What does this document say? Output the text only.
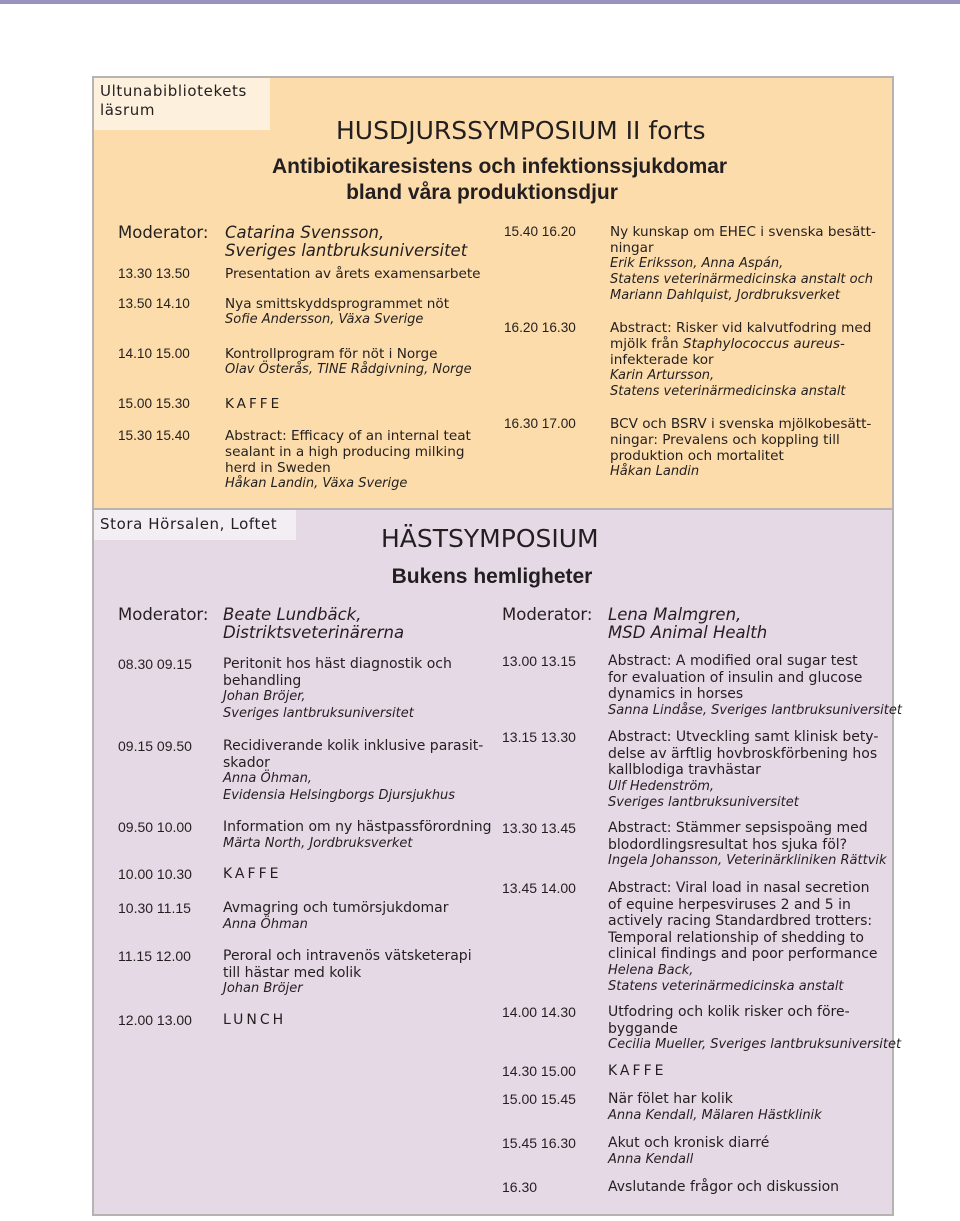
Ultunabibliotekets läsrum
HUSDJURSSYMPOSIUM II forts
Antibiotikaresistens och infektionssjukdomar
bland våra produktionsdjur
Moderator: Catarina Svensson,
Sveriges lantbruksuniversitet
13.30 13.50	Presentation av årets examensarbete
13.50 14.10	Nya smittskyddsprogrammet nöt
Sofie Andersson, Växa Sverige
14.10 15.00	Kontrollprogram för nöt i Norge
Olav Österås, TINE Rådgivning, Norge
15.00 15.30	KAFFE
15.30 15.40	Abstract: Efficacy of an internal teat
sealant in a high producing milking
herd in Sweden
Håkan Landin, Växa Sverige
15.40 16.20	Ny kunskap om EHEC i svenska besätt-
ningar
Erik Eriksson, Anna Aspán,
Statens veterinärmedicinska anstalt och
Mariann Dahlquist, Jordbruksverket
16.20 16.30	Abstract: Risker vid kalvutfodring med
mjölk från Staphylococcus aureus-
infekterade kor
Karin Artursson,
Statens veterinärmedicinska anstalt
16.30 17.00	BCV och BSRV i svenska mjölkobesätt-
ningar: Prevalens och koppling till
produktion och mortalitet
Håkan Landin
Stora Hörsalen, Loftet	HÄSTSYMPOSIUM
Bukens hemligheter
Moderator: Beate Lundbäck,
Distriktsveterinärerna
Moderator: Lena Malmgren,
MSD Animal Health
08.30 09.15 Peritonit hos häst diagnostik och
behandling
Johan Bröjer,
Sveriges lantbruksuniversitet
09.15 09.50 Recidiverande kolik inklusive parasit-
skador
Anna Öhman,
Evidensia Helsingborgs Djursjukhus
09.50 10.00 Information om ny hästpassförordning
Märta North, Jordbruksverket
10.00 10.30 KAFFE
10.30 11.15 Avmagring och tumörsjukdomar
Anna Öhman
11.15 12.00 Peroral och intravenös vätsketerapi
till hästar med kolik
Johan Bröjer
12.00 13.00 LUNCH
13.00 13.15 Abstract: A modified oral sugar test
for evaluation of insulin and glucose
dynamics in horses
Sanna Lindåse, Sveriges lantbruksuniversitet
13.15 13.30 Abstract: Utveckling samt klinisk bety-
delse av ärftlig hovbroskförbening hos
kallblodiga travhästar
Ulf Hedenström,
Sveriges lantbruksuniversitet
13.30 13.45 Abstract: Stämmer sepsispoäng med
blodordlingsresultat hos sjuka föl?
Ingela Johansson, Veterinärkliniken Rättvik
13.45 14.00 Abstract: Viral load in nasal secretion
of equine herpesviruses 2 and 5 in
actively racing Standardbred trotters:
Temporal relationship of shedding to
clinical findings and poor performance
Helena Back,
Statens veterinärmedicinska anstalt
14.00 14.30 Utfodring och kolik risker och före-
byggande
Cecilia Mueller, Sveriges lantbruksuniversitet
14.30 15.00 KAFFE
15.00 15.45 När fölet har kolik
Anna Kendall, Mälaren Hästklinik
15.45 16.30 Akut och kronisk diarré
Anna Kendall
16.30	Avslutande frågor och diskussion
